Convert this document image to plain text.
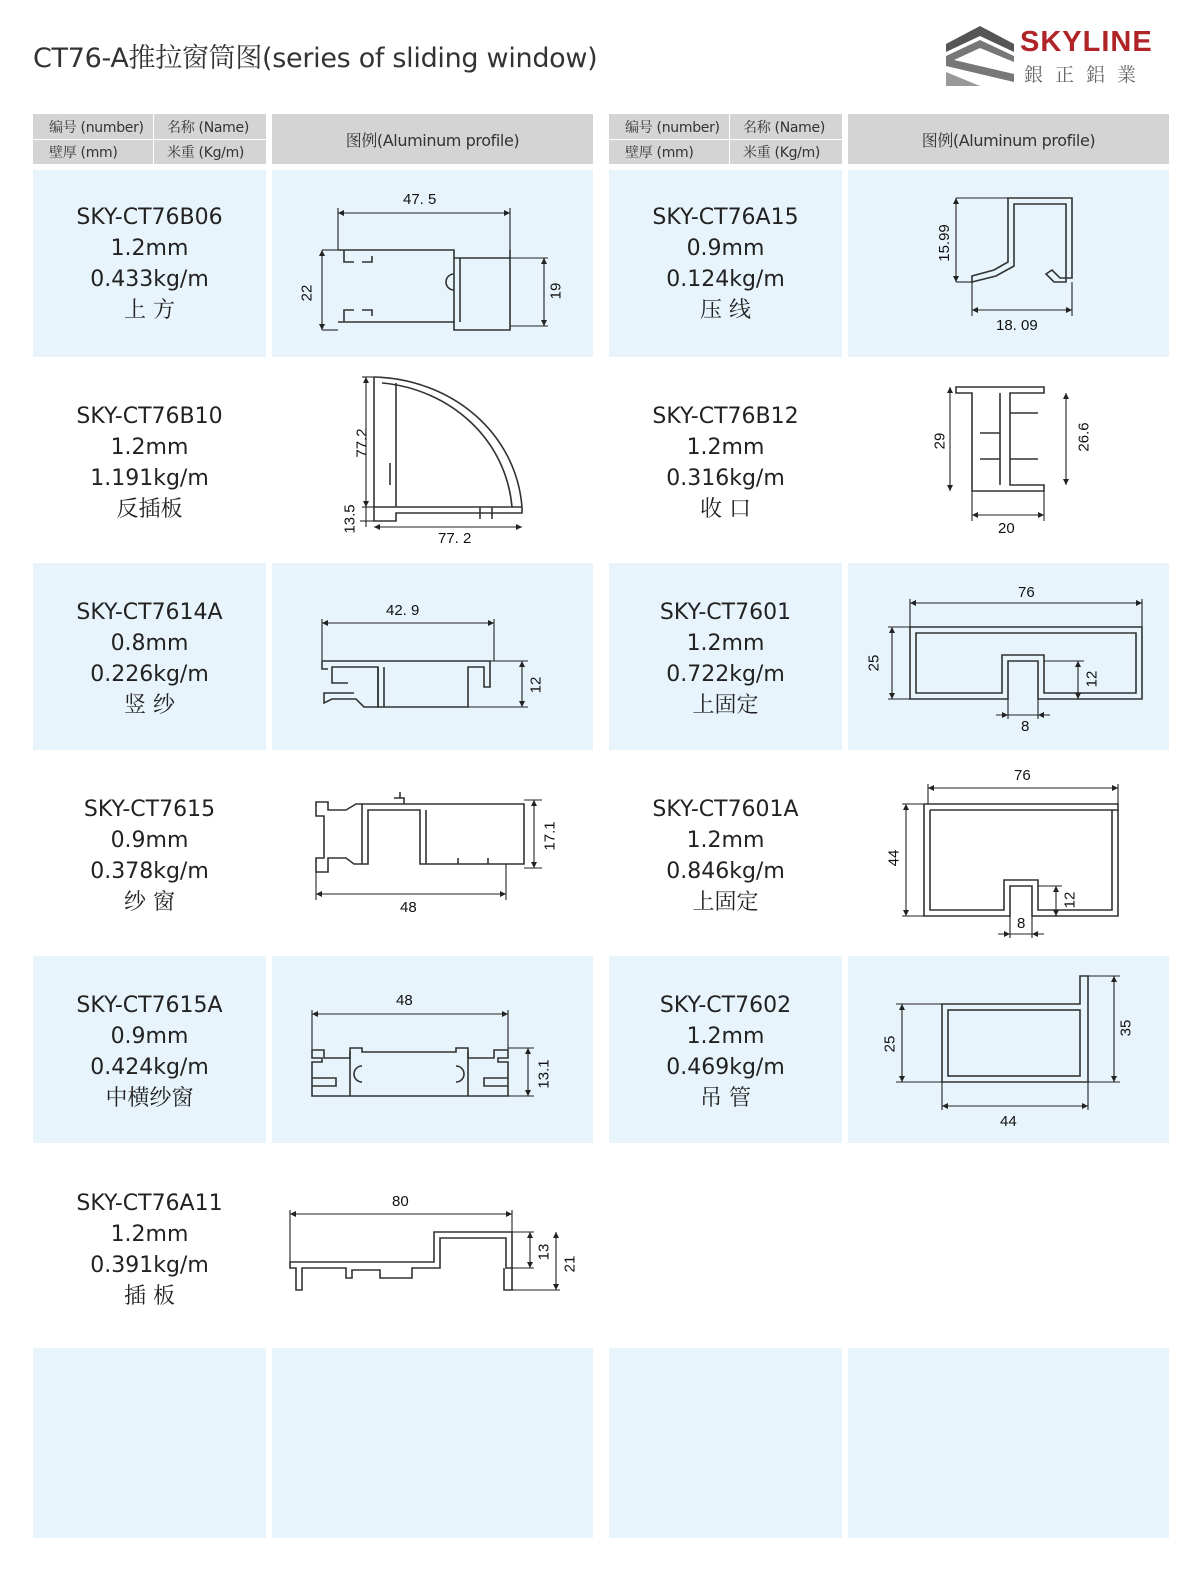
CT76-A推拉窗筒图(series of sliding window)
SKYLINE
銀正鋁業
编号 (number) 名称 (Name)
壁厚 (mm)	米重 (Kg/m)
图例(Aluminum profile)
编号 (number) 名称 (Name)
壁厚 (mm)	米重 (Kg/m)
图例(Aluminum profile)
SKY-CT76B06
1.2mm
0.433kg/m
上 方
47. 5
22	19
SKY-CT76A15
0.9mm
0.124kg/m
压 线
15.99
18. 09
SKY-CT76B10
1.2mm
1.191kg/m
反插板
77.2
13.5
77. 2
SKY-CT76B12
1.2mm
0.316kg/m
收 口
29	26.6
20
SKY-CT7614A
0.8mm
0.226kg/m
竖 纱
42. 9
12
SKY-CT7601
1.2mm
0.722kg/m
上固定
76
25
12
8
SKY-CT7615
0.9mm
0.378kg/m
纱 窗
17.1
48
SKY-CT7601A
1.2mm
0.846kg/m
上固定
76
44
12
8
SKY-CT7615A
0.9mm
0.424kg/m
中横纱窗
48
13.1
SKY-CT7602
1.2mm
0.469kg/m
吊 管
25
35
44
SKY-CT76A11
1.2mm
0.391kg/m
插 板
80
13
21
